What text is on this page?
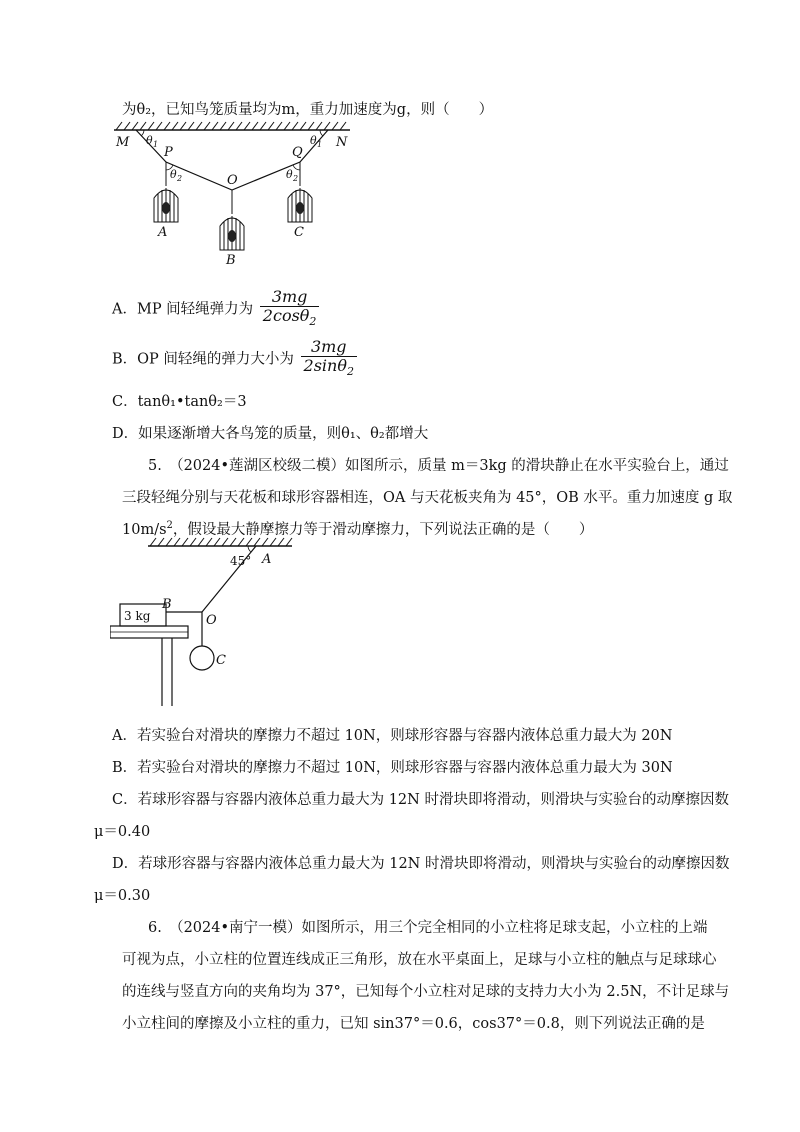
为θ₂，已知鸟笼质量均为m，重力加速度为g，则（　　）
M	N
P	Q
O
A
B
C
θ 1	θ 1
θ 2	θ 2
A．MP 间轻绳弹力为 $\frac{3mg}{2\cos\theta_2}$
B．OP 间轻绳的弹力大小为 $\frac{3mg}{2\sin\theta_2}$
C．tanθ₁•tanθ₂＝3
D．如果逐渐增大各鸟笼的质量，则θ₁、θ₂都增大
5.　（2024•莲湖区校级二模）如图所示，质量 m＝3kg 的滑块静止在水平实验台上，通过
三段轻绳分别与天花板和球形容器相连，OA 与天花板夹角为 45°，OB 水平。重力加速度 g 取
$10m/s^2$，假设最大静摩擦力等于滑动摩擦力，下列说法正确的是（　　）
3 kg
A
B
O
C
45°
A．若实验台对滑块的摩擦力不超过 10N，则球形容器与容器内液体总重力最大为 20N
B．若实验台对滑块的摩擦力不超过 10N，则球形容器与容器内液体总重力最大为 30N
C．若球形容器与容器内液体总重力最大为 12N 时滑块即将滑动，则滑块与实验台的动摩擦因数
μ＝0.40
D．若球形容器与容器内液体总重力最大为 12N 时滑块即将滑动，则滑块与实验台的动摩擦因数
μ＝0.30
6.　（2024•南宁一模）如图所示，用三个完全相同的小立柱将足球支起，小立柱的上端
可视为点，小立柱的位置连线成正三角形，放在水平桌面上，足球与小立柱的触点与足球球心
的连线与竖直方向的夹角均为 37°，已知每个小立柱对足球的支持力大小为 2.5N，不计足球与
小立柱间的摩擦及小立柱的重力，已知 sin37°＝0.6，cos37°＝0.8，则下列说法正确的是
